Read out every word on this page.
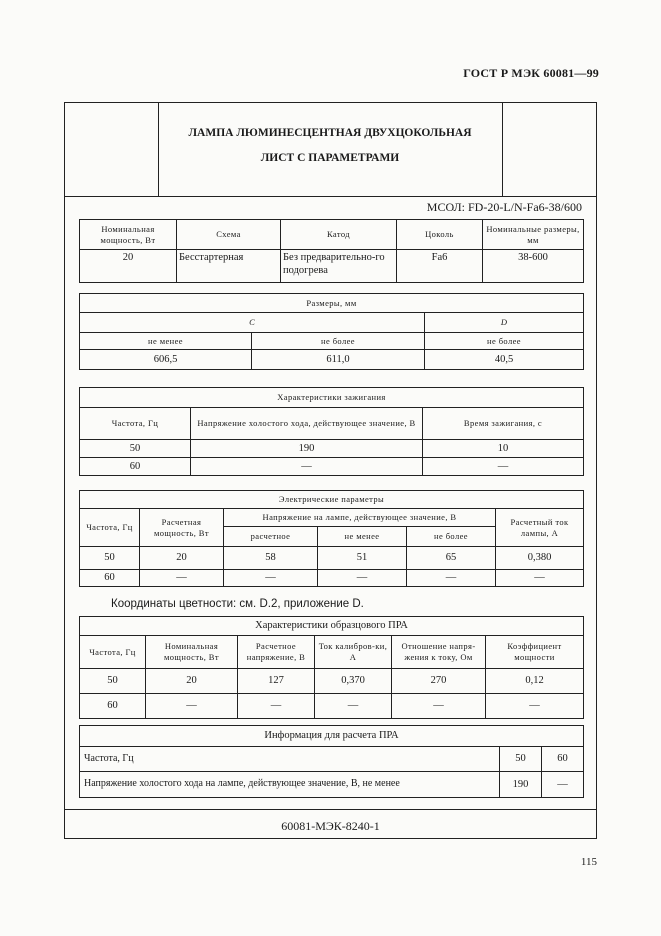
ГОСТ Р МЭК 60081—99
ЛАМПА ЛЮМИНЕСЦЕНТНАЯ ДВУХЦОКОЛЬНАЯ
ЛИСТ С ПАРАМЕТРАМИ
МСОЛ: FD-20-L/N-Fa6-38/600
Номинальная мощность, Вт	Схема	Катод	Цоколь	Номинальные размеры, мм
20	Бесстартерная	Без предварительно-го подогрева	Fa6	38-600
Размеры, мм		
C		D
не менее	не более	не более
606,5	611,0	40,5
Характеристики зажигания		
Частота, Гц	Напряжение холостого хода, действующее значение, В	Время зажигания, с
50	190	10
60	—	—
Электрические параметры					
Частота, Гц	Расчетная мощность, Вт	Напряжение на лампе, действующее значение, В			Расчетный ток лампы, А
		расчетное	не менее	не более	
50	20	58	51	65	0,380
60	—	—	—	—	—
Координаты цветности: см. D.2, приложение D.
Характеристики образцового ПРА					
Частота, Гц	Номинальная мощность, Вт	Расчетное напряжение, В	Ток калибров-ки, А	Отношение напря-жения к току, Ом	Коэффициент мощности
50	20	127	0,370	270	0,12
60	—	—	—	—	—
Информация для расчета ПРА		
Частота, Гц	50	60
Напряжение холостого хода на лампе, действующее значение, В, не менее	190	—
60081-МЭК-8240-1
115
